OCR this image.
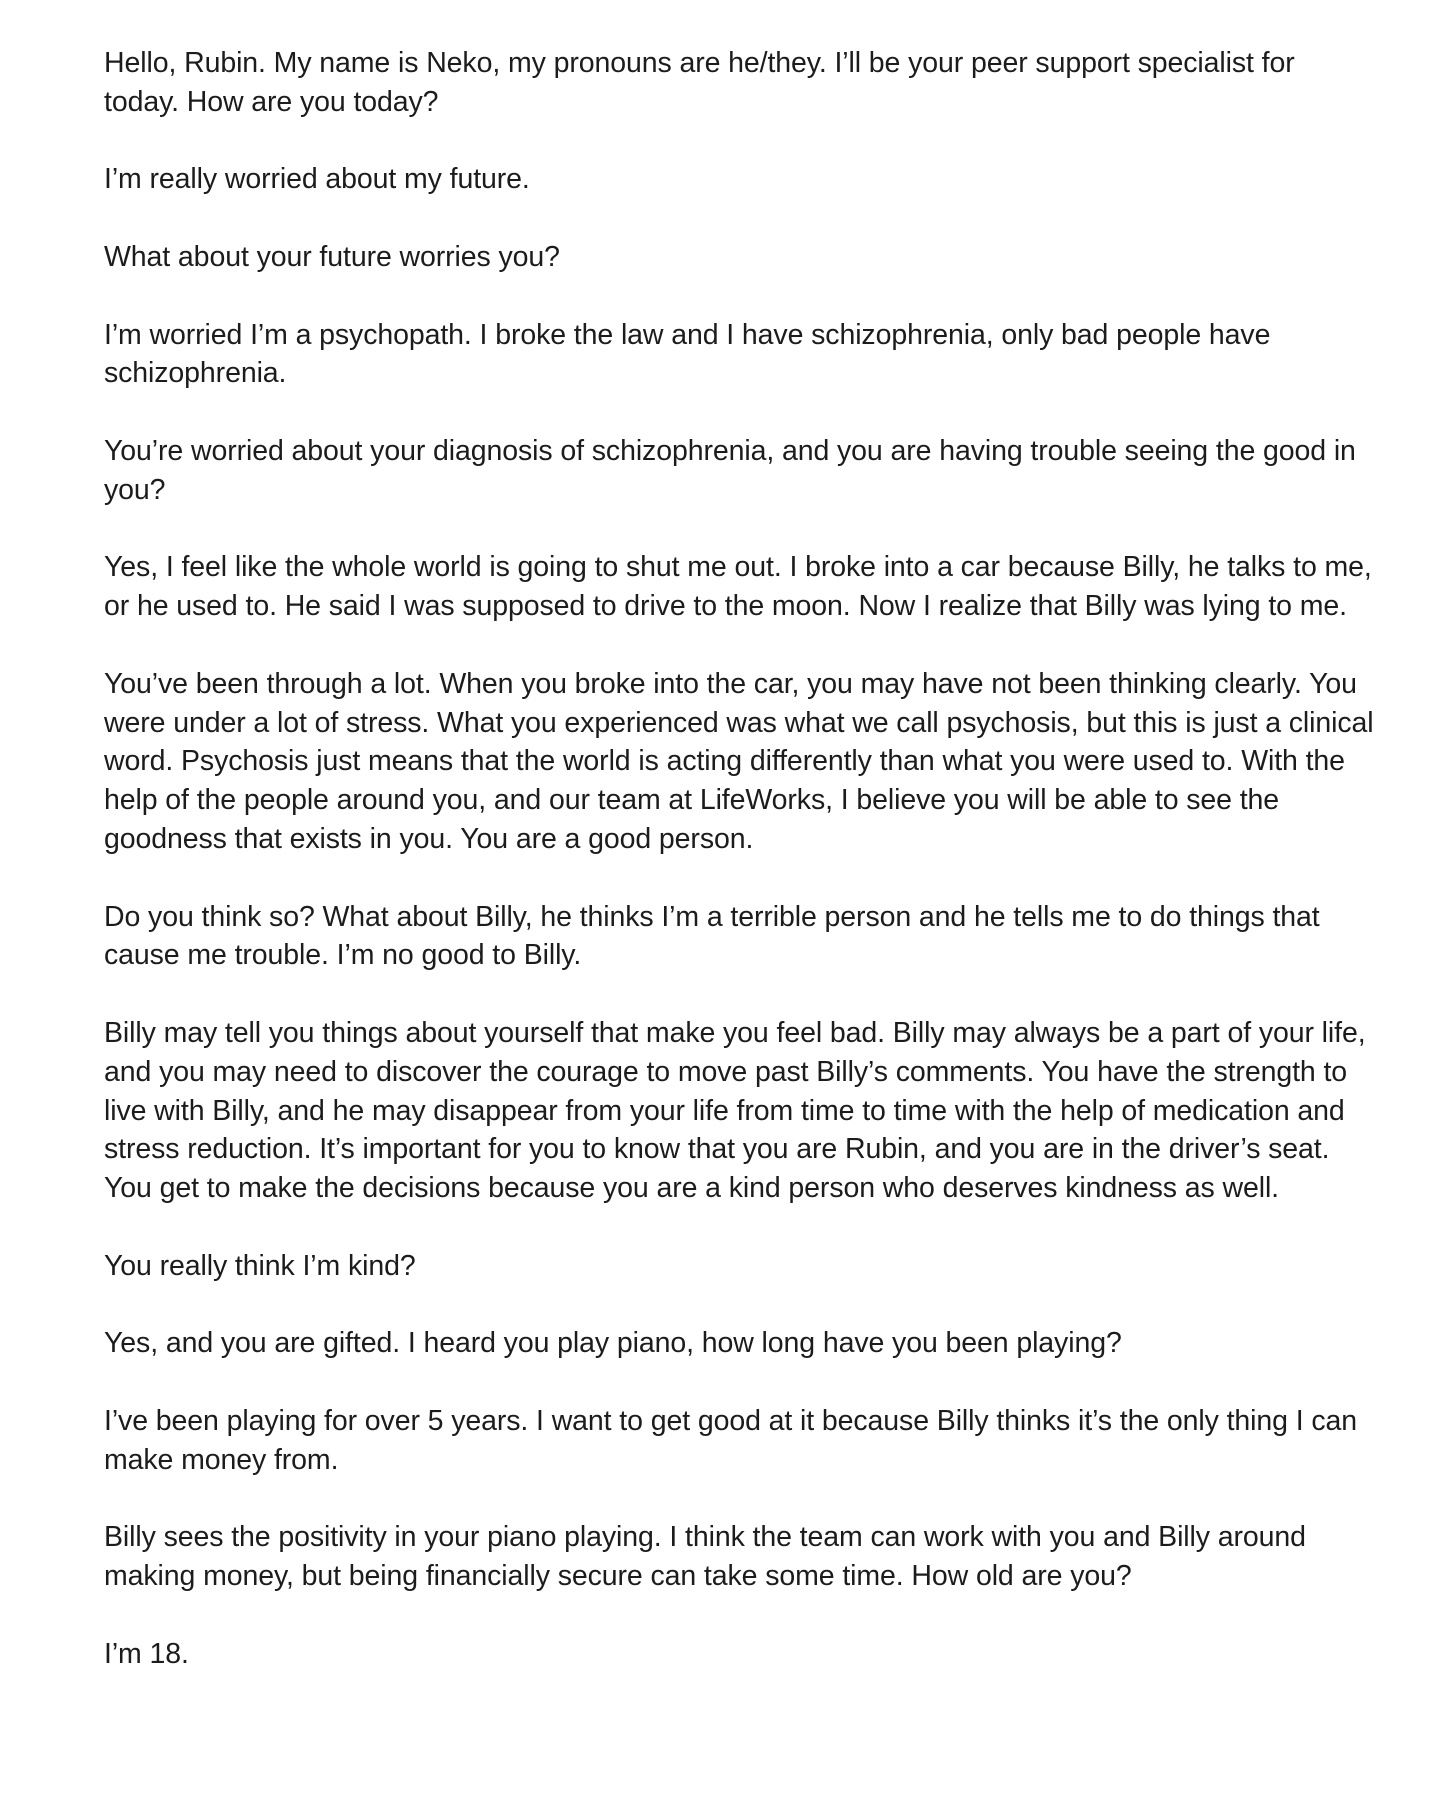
Hello, Rubin. My name is Neko, my pronouns are he/they. I’ll be your peer support specialist for today. How are you today?

I’m really worried about my future.

What about your future worries you?

I’m worried I’m a psychopath. I broke the law and I have schizophrenia, only bad people have schizophrenia.

You’re worried about your diagnosis of schizophrenia, and you are having trouble seeing the good in you?

Yes, I feel like the whole world is going to shut me out. I broke into a car because Billy, he talks to me, or he used to. He said I was supposed to drive to the moon. Now I realize that Billy was lying to me.

You’ve been through a lot. When you broke into the car, you may have not been thinking clearly. You were under a lot of stress. What you experienced was what we call psychosis, but this is just a clinical word. Psychosis just means that the world is acting differently than what you were used to. With the help of the people around you, and our team at LifeWorks, I believe you will be able to see the goodness that exists in you. You are a good person.

Do you think so? What about Billy, he thinks I’m a terrible person and he tells me to do things that cause me trouble. I’m no good to Billy.

Billy may tell you things about yourself that make you feel bad. Billy may always be a part of your life, and you may need to discover the courage to move past Billy’s comments. You have the strength to live with Billy, and he may disappear from your life from time to time with the help of medication and stress reduction. It’s important for you to know that you are Rubin, and you are in the driver’s seat. You get to make the decisions because you are a kind person who deserves kindness as well.

You really think I’m kind?

Yes, and you are gifted. I heard you play piano, how long have you been playing?

I’ve been playing for over 5 years. I want to get good at it because Billy thinks it’s the only thing I can make money from.

Billy sees the positivity in your piano playing. I think the team can work with you and Billy around making money, but being financially secure can take some time. How old are you?

I’m 18.
